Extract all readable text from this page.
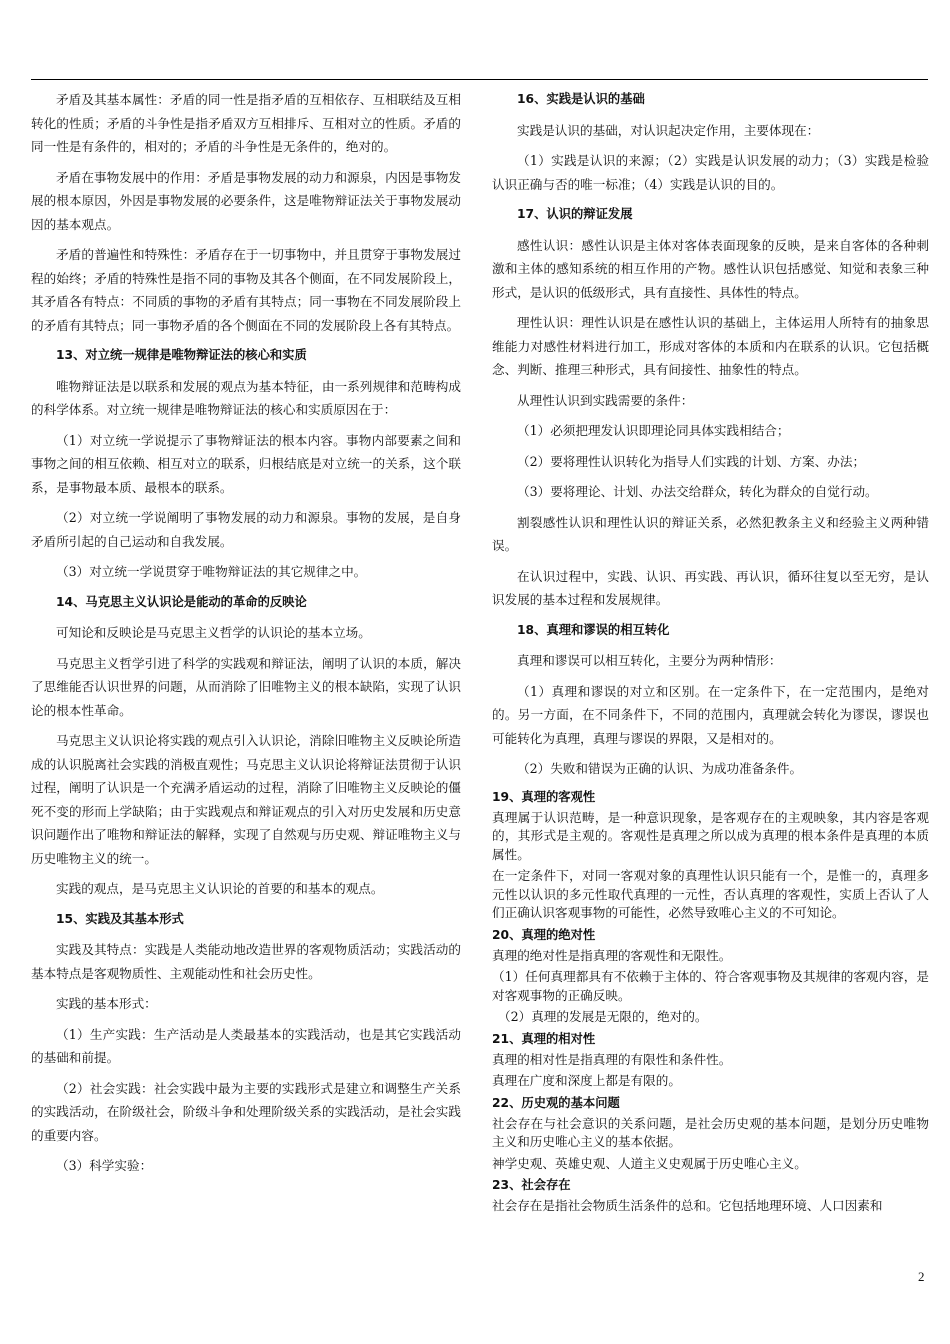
矛盾及其基本属性：矛盾的同一性是指矛盾的互相依存、互相联结及互相转化的性质；矛盾的斗争性是指矛盾双方互相排斥、互相对立的性质。矛盾的同一性是有条件的，相对的；矛盾的斗争性是无条件的，绝对的。

矛盾在事物发展中的作用：矛盾是事物发展的动力和源泉，内因是事物发展的根本原因，外因是事物发展的必要条件，这是唯物辩证法关于事物发展动因的基本观点。

矛盾的普遍性和特殊性：矛盾存在于一切事物中，并且贯穿于事物发展过程的始终；矛盾的特殊性是指不同的事物及其各个侧面，在不同发展阶段上，其矛盾各有特点：不同质的事物的矛盾有其特点；同一事物在不同发展阶段上的矛盾有其特点；同一事物矛盾的各个侧面在不同的发展阶段上各有其特点。

13、对立统一规律是唯物辩证法的核心和实质

唯物辩证法是以联系和发展的观点为基本特征，由一系列规律和范畴构成的科学体系。对立统一规律是唯物辩证法的核心和实质原因在于：

（1）对立统一学说提示了事物辩证法的根本内容。事物内部要素之间和事物之间的相互依赖、相互对立的联系，归根结底是对立统一的关系，这个联系，是事物最本质、最根本的联系。

（2）对立统一学说阐明了事物发展的动力和源泉。事物的发展，是自身矛盾所引起的自己运动和自我发展。

（3）对立统一学说贯穿于唯物辩证法的其它规律之中。

14、马克思主义认识论是能动的革命的反映论

可知论和反映论是马克思主义哲学的认识论的基本立场。

马克思主义哲学引进了科学的实践观和辩证法，阐明了认识的本质，解决了思维能否认识世界的问题，从而消除了旧唯物主义的根本缺陷，实现了认识论的根本性革命。

马克思主义认识论将实践的观点引入认识论，消除旧唯物主义反映论所造成的认识脱离社会实践的消极直观性；马克思主义认识论将辩证法贯彻于认识过程，阐明了认识是一个充满矛盾运动的过程，消除了旧唯物主义反映论的僵死不变的形而上学缺陷；由于实践观点和辩证观点的引入对历史发展和历史意识问题作出了唯物和辩证法的解释，实现了自然观与历史观、辩证唯物主义与历史唯物主义的统一。

实践的观点，是马克思主义认识论的首要的和基本的观点。

15、实践及其基本形式

实践及其特点：实践是人类能动地改造世界的客观物质活动；实践活动的基本特点是客观物质性、主观能动性和社会历史性。

实践的基本形式：

（1）生产实践：生产活动是人类最基本的实践活动，也是其它实践活动的基础和前提。

（2）社会实践：社会实践中最为主要的实践形式是建立和调整生产关系的实践活动，在阶级社会，阶级斗争和处理阶级关系的实践活动，是社会实践的重要内容。

（3）科学实验：

16、实践是认识的基础

实践是认识的基础，对认识起决定作用，主要体现在：

（1）实践是认识的来源；（2）实践是认识发展的动力；（3）实践是检验认识正确与否的唯一标准；（4）实践是认识的目的。

17、认识的辩证发展

感性认识：感性认识是主体对客体表面现象的反映，是来自客体的各种刺激和主体的感知系统的相互作用的产物。感性认识包括感觉、知觉和表象三种形式，是认识的低级形式，具有直接性、具体性的特点。

理性认识：理性认识是在感性认识的基础上，主体运用人所特有的抽象思维能力对感性材料进行加工，形成对客体的本质和内在联系的认识。它包括概念、判断、推理三种形式，具有间接性、抽象性的特点。

从理性认识到实践需要的条件：

（1）必须把理发认识即理论同具体实践相结合；

（2）要将理性认识转化为指导人们实践的计划、方案、办法；

（3）要将理论、计划、办法交给群众，转化为群众的自觉行动。

割裂感性认识和理性认识的辩证关系，必然犯教条主义和经验主义两种错误。

在认识过程中，实践、认识、再实践、再认识，循环往复以至无穷，是认识发展的基本过程和发展规律。

18、真理和谬误的相互转化

真理和谬误可以相互转化，主要分为两种情形：

（1）真理和谬误的对立和区别。在一定条件下，在一定范围内，是绝对的。另一方面，在不同条件下，不同的范围内，真理就会转化为谬误，谬误也可能转化为真理，真理与谬误的界限，又是相对的。

（2）失败和错误为正确的认识、为成功准备条件。

19、真理的客观性

真理属于认识范畴，是一种意识现象，是客观存在的主观映象，其内容是客观的，其形式是主观的。客观性是真理之所以成为真理的根本条件是真理的本质属性。

在一定条件下，对同一客观对象的真理性认识只能有一个，是惟一的，真理多元性以认识的多元性取代真理的一元性，否认真理的客观性，实质上否认了人们正确认识客观事物的可能性，必然导致唯心主义的不可知论。

20、真理的绝对性

真理的绝对性是指真理的客观性和无限性。

（1）任何真理都具有不依赖于主体的、符合客观事物及其规律的客观内容，是对客观事物的正确反映。

（2）真理的发展是无限的，绝对的。

21、真理的相对性

真理的相对性是指真理的有限性和条件性。

真理在广度和深度上都是有限的。

22、历史观的基本问题

社会存在与社会意识的关系问题，是社会历史观的基本问题，是划分历史唯物主义和历史唯心主义的基本依据。

神学史观、英雄史观、人道主义史观属于历史唯心主义。

23、社会存在

社会存在是指社会物质生活条件的总和。它包括地理环境、人口因素和

2
